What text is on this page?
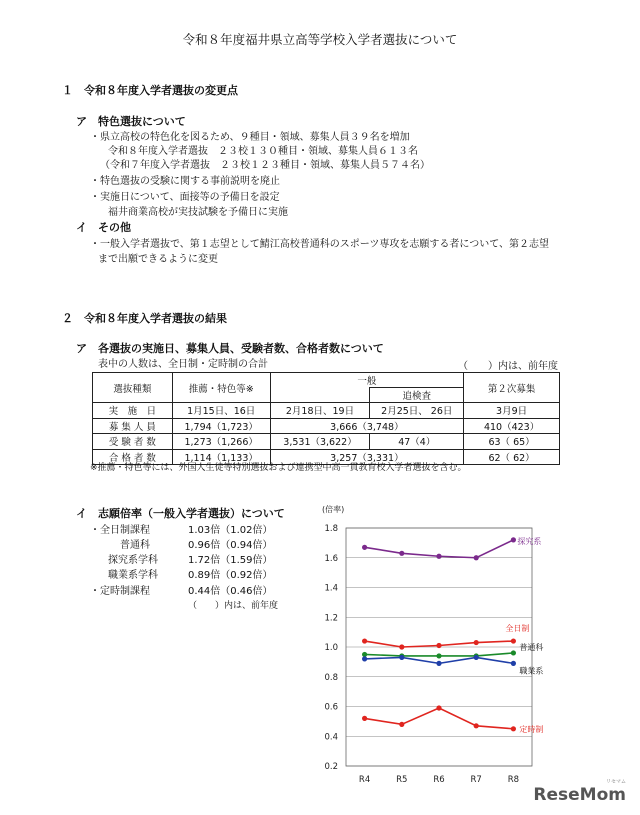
令和８年度福井県立高等学校入学者選抜について
１　令和８年度入学者選抜の変更点
ア　特色選抜について
・県立高校の特色化を図るため、９種目・領域、募集人員３９名を増加
令和８年度入学者選抜　２３校１３０種目・領域、募集人員６１３名
（令和７年度入学者選抜　２３校１２３種目・領域、募集人員５７４名）
・特色選抜の受験に関する事前説明を廃止
・実施日について、面接等の予備日を設定
福井商業高校が実技試験を予備日に実施
イ　その他
・一般入学者選抜で、第１志望として鯖江高校普通科のスポーツ専攻を志願する者について、第２志望
まで出願できるように変更
２　令和８年度入学者選抜の結果
ア　各選抜の実施日、募集人員、受験者数、合格者数について
表中の人数は、全日制・定時制の合計	（　　）内は、前年度
選抜種類	推薦・特色等※	一般		第２次募集
			追検査	
実　施　日	1月15日、16日	2月18日、19日	2月25日、 26日	3月9日
募 集 人 員	1,794（1,723）	3,666（3,748）		410（423）
受 験 者 数	1,273（1,266）	3,531（3,622）	47（4）	63（ 65）
合 格 者 数	1,114（1,133）	3,257（3,331）		62（ 62）
※推薦・特色等には、外国人生徒等特別選抜および連携型中高一貫教育校入学者選抜を含む。
イ　志願倍率（一般入学者選抜）について
・全日制課程	1.03倍（1.02倍）
普通科	0.96倍（0.94倍）
探究系学科	1.72倍（1.59倍）
職業系学科	0.89倍（0.92倍）
・定時制課程	0.44倍（0.46倍）
（　　）内は、前年度
(倍率)
0.2
0.4
0.6
0.8
1.0
1.2
1.4
1.6
1.8
R4	R5	R6	R7	R8
探究系
全日制
普通科
職業系
定時制
リセマム
ReseMom
